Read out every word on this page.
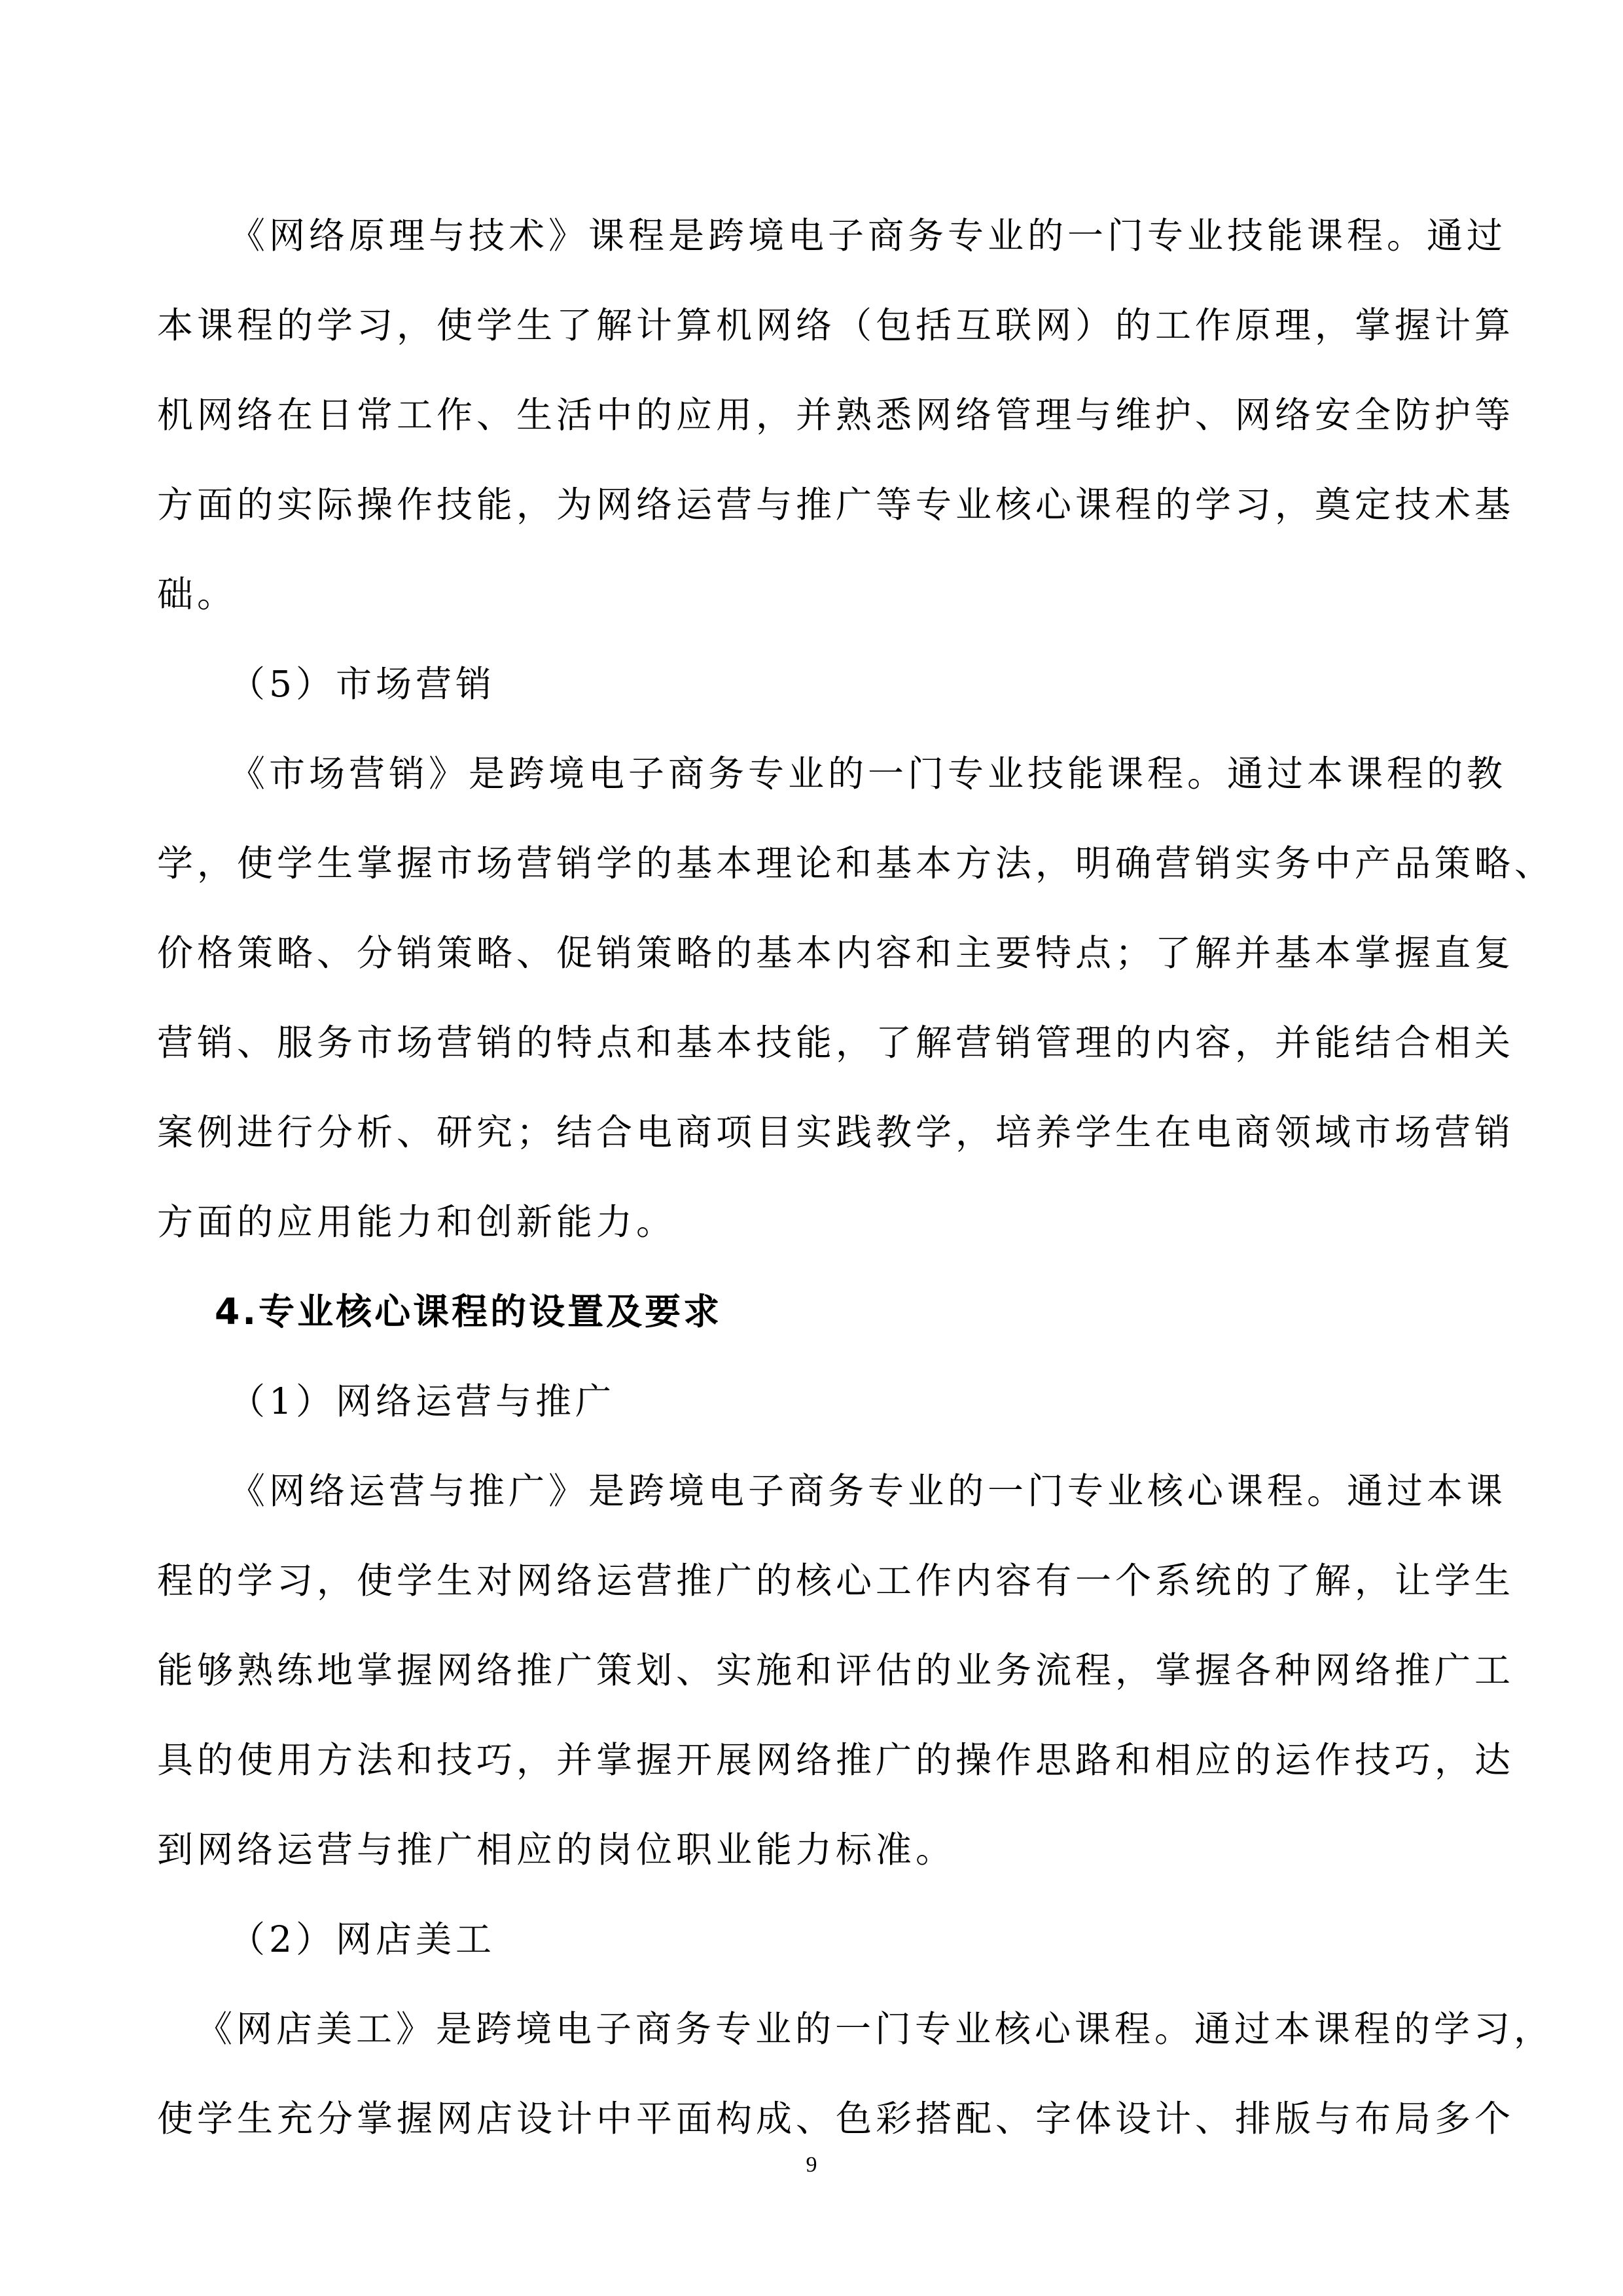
《网络原理与技术》课程是跨境电子商务专业的一门专业技能课程。通过
本课程的学习，使学生了解计算机网络（包括互联网）的工作原理，掌握计算
机网络在日常工作、生活中的应用，并熟悉网络管理与维护、网络安全防护等
方面的实际操作技能，为网络运营与推广等专业核心课程的学习，奠定技术基
础。
（5）市场营销
《市场营销》是跨境电子商务专业的一门专业技能课程。通过本课程的教
学，使学生掌握市场营销学的基本理论和基本方法，明确营销实务中产品策略、
价格策略、分销策略、促销策略的基本内容和主要特点；了解并基本掌握直复
营销、服务市场营销的特点和基本技能，了解营销管理的内容，并能结合相关
案例进行分析、研究；结合电商项目实践教学，培养学生在电商领域市场营销
方面的应用能力和创新能力。
4.专业核心课程的设置及要求
（1）网络运营与推广
《网络运营与推广》是跨境电子商务专业的一门专业核心课程。通过本课
程的学习，使学生对网络运营推广的核心工作内容有一个系统的了解，让学生
能够熟练地掌握网络推广策划、实施和评估的业务流程，掌握各种网络推广工
具的使用方法和技巧，并掌握开展网络推广的操作思路和相应的运作技巧，达
到网络运营与推广相应的岗位职业能力标准。
（2）网店美工
《网店美工》是跨境电子商务专业的一门专业核心课程。通过本课程的学习，
使学生充分掌握网店设计中平面构成、色彩搭配、字体设计、排版与布局多个
9
